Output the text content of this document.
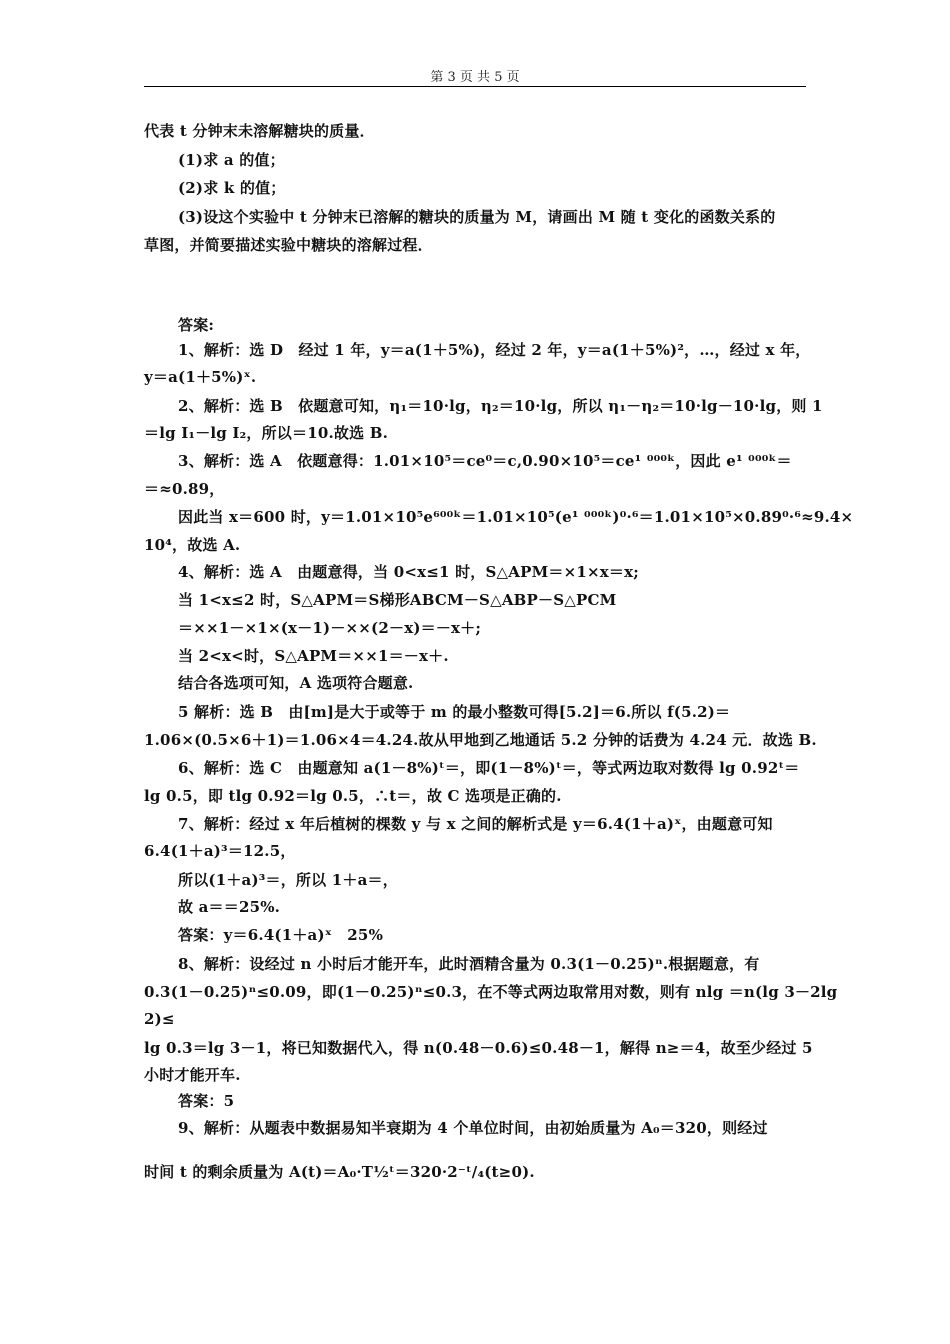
第 3 页 共 5 页
代表 t 分钟末未溶解糖块的质量．
(1)求 a 的值；
(2)求 k 的值；
(3)设这个实验中 t 分钟末已溶解的糖块的质量为 M，请画出 M 随 t 变化的函数关系的
草图，并简要描述实验中糖块的溶解过程．
答案:
1、解析：选 D　经过 1 年，y＝a(1＋5%)，经过 2 年，y＝a(1＋5%)²，…，经过 x 年，
y＝a(1＋5%)ˣ.
2、解析：选 B　依题意可知，η₁＝10·lg，η₂＝10·lg，所以 η₁－η₂＝10·lg－10·lg，则 1
＝lg I₁－lg I₂，所以＝10.故选 B.
3、解析：选 A　依题意得：1.01×10⁵＝ce⁰＝c,0.90×10⁵＝ce¹ ⁰⁰⁰ᵏ，因此 e¹ ⁰⁰⁰ᵏ＝
＝≈0.89，
因此当 x＝600 时，y＝1.01×10⁵e⁶⁰⁰ᵏ＝1.01×10⁵(e¹ ⁰⁰⁰ᵏ)⁰·⁶＝1.01×10⁵×0.89⁰·⁶≈9.4×
10⁴，故选 A.
4、解析：选 A　由题意得，当 0<x≤1 时，S△APM＝×1×x＝x;
当 1<x≤2 时，S△APM＝S梯形ABCM－S△ABP－S△PCM
＝××1－×1×(x－1)－××(2－x)＝－x＋;
当 2<x<时，S△APM＝××1＝－x＋.
结合各选项可知，A 选项符合题意.
5 解析：选 B　由[m]是大于或等于 m 的最小整数可得[5.2]＝6.所以 f(5.2)＝
1.06×(0.5×6＋1)＝1.06×4＝4.24.故从甲地到乙地通话 5.2 分钟的话费为 4.24 元．故选 B.
6、解析：选 C　由题意知 a(1－8%)ᵗ＝，即(1－8%)ᵗ＝，等式两边取对数得 lg 0.92ᵗ＝
lg 0.5，即 tlg 0.92＝lg 0.5，∴t＝，故 C 选项是正确的.
7、解析：经过 x 年后植树的棵数 y 与 x 之间的解析式是 y＝6.4(1＋a)ˣ，由题意可知
6.4(1＋a)³＝12.5，
所以(1＋a)³＝，所以 1＋a＝，
故 a＝＝25%.
答案：y＝6.4(1＋a)ˣ　25%
8、解析：设经过 n 小时后才能开车，此时酒精含量为 0.3(1－0.25)ⁿ.根据题意，有
0.3(1－0.25)ⁿ≤0.09，即(1－0.25)ⁿ≤0.3，在不等式两边取常用对数，则有 nlg ＝n(lg 3－2lg
2)≤
lg 0.3＝lg 3－1，将已知数据代入，得 n(0.48－0.6)≤0.48－1，解得 n≥＝4，故至少经过 5
小时才能开车.
答案：5
9、解析：从题表中数据易知半衰期为 4 个单位时间，由初始质量为 A₀＝320，则经过
时间 t 的剩余质量为 A(t)＝A₀·T½ᵗ＝320·2⁻ᵗ/₄(t≥0).
